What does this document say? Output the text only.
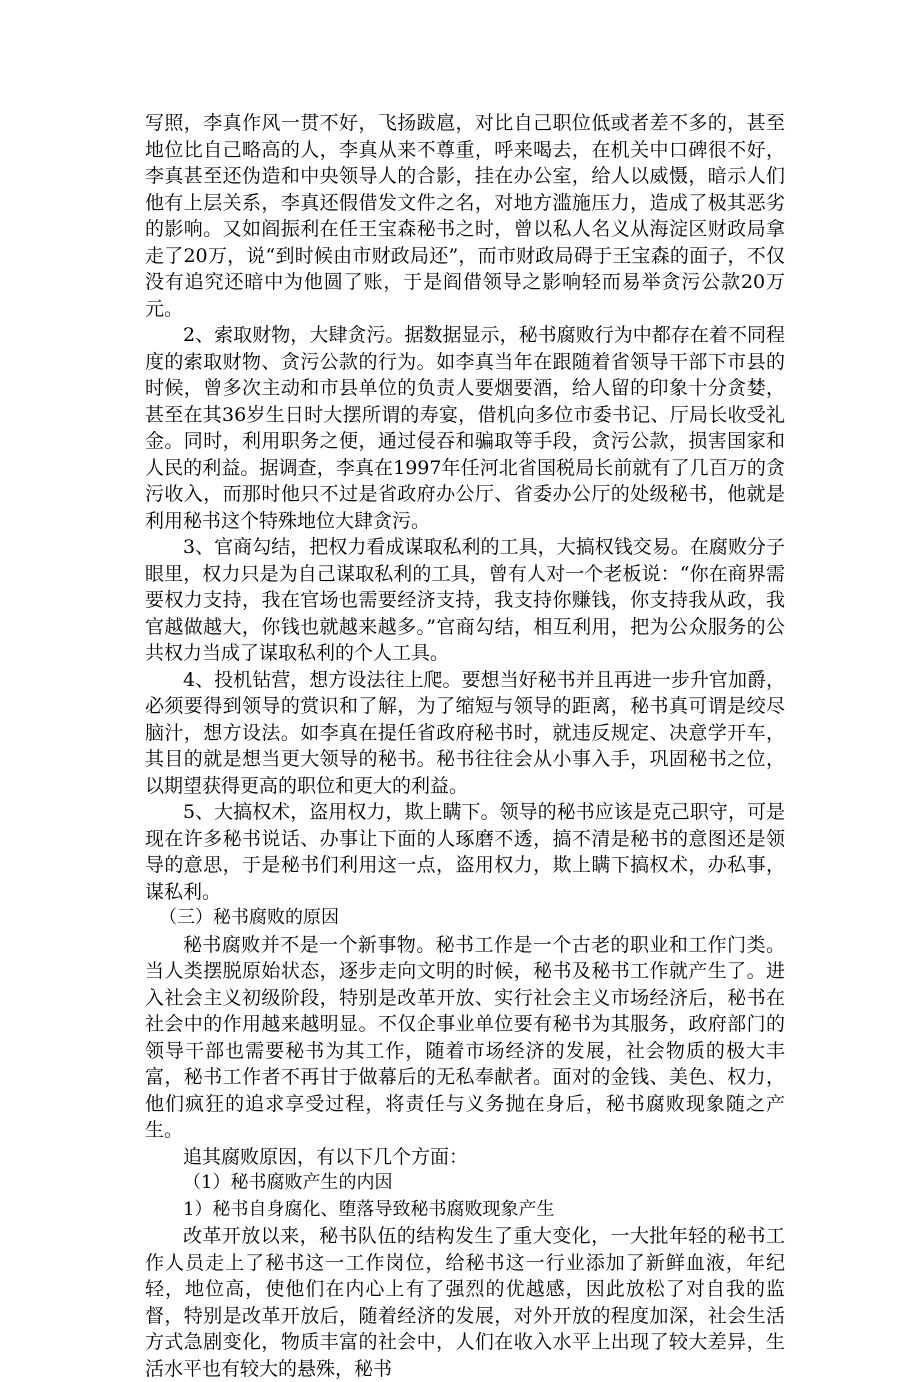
写照，李真作风一贯不好，飞扬跋扈，对比自己职位低或者差不多的，甚至地位比自己略高的人，李真从来不尊重，呼来喝去，在机关中口碑很不好，李真甚至还伪造和中央领导人的合影，挂在办公室，给人以威慑，暗示人们他有上层关系，李真还假借发文件之名，对地方滥施压力，造成了极其恶劣的影响。又如阎振利在任王宝森秘书之时，曾以私人名义从海淀区财政局拿走了20万，说“到时候由市财政局还”，而市财政局碍于王宝森的面子，不仅没有追究还暗中为他圆了账，于是阎借领导之影响轻而易举贪污公款20万元。

2、索取财物，大肆贪污。据数据显示，秘书腐败行为中都存在着不同程度的索取财物、贪污公款的行为。如李真当年在跟随着省领导干部下市县的时候，曾多次主动和市县单位的负责人要烟要酒，给人留的印象十分贪婪，甚至在其36岁生日时大摆所谓的寿宴，借机向多位市委书记、厅局长收受礼金。同时，利用职务之便，通过侵吞和骗取等手段，贪污公款，损害国家和人民的利益。据调查，李真在1997年任河北省国税局长前就有了几百万的贪污收入，而那时他只不过是省政府办公厅、省委办公厅的处级秘书，他就是利用秘书这个特殊地位大肆贪污。

3、官商勾结，把权力看成谋取私利的工具，大搞权钱交易。在腐败分子眼里，权力只是为自己谋取私利的工具，曾有人对一个老板说：“你在商界需要权力支持，我在官场也需要经济支持，我支持你赚钱，你支持我从政，我官越做越大，你钱也就越来越多。”官商勾结，相互利用，把为公众服务的公共权力当成了谋取私利的个人工具。

4、投机钻营，想方设法往上爬。要想当好秘书并且再进一步升官加爵，必须要得到领导的赏识和了解，为了缩短与领导的距离，秘书真可谓是绞尽脑汁，想方设法。如李真在提任省政府秘书时，就违反规定、决意学开车，其目的就是想当更大领导的秘书。秘书往往会从小事入手，巩固秘书之位，以期望获得更高的职位和更大的利益。

5、大搞权术，盗用权力，欺上瞒下。领导的秘书应该是克己职守，可是现在许多秘书说话、办事让下面的人琢磨不透，搞不清是秘书的意图还是领导的意思，于是秘书们利用这一点，盗用权力，欺上瞒下搞权术，办私事，谋私利。

（三）秘书腐败的原因

秘书腐败并不是一个新事物。秘书工作是一个古老的职业和工作门类。当人类摆脱原始状态，逐步走向文明的时候，秘书及秘书工作就产生了。进入社会主义初级阶段，特别是改革开放、实行社会主义市场经济后，秘书在社会中的作用越来越明显。不仅企事业单位要有秘书为其服务，政府部门的领导干部也需要秘书为其工作，随着市场经济的发展，社会物质的极大丰富，秘书工作者不再甘于做幕后的无私奉献者。面对的金钱、美色、权力，他们疯狂的追求享受过程，将责任与义务抛在身后，秘书腐败现象随之产生。

追其腐败原因，有以下几个方面：

（1）秘书腐败产生的内因

1）秘书自身腐化、堕落导致秘书腐败现象产生

改革开放以来，秘书队伍的结构发生了重大变化，一大批年轻的秘书工作人员走上了秘书这一工作岗位，给秘书这一行业添加了新鲜血液，年纪轻，地位高，使他们在内心上有了强烈的优越感，因此放松了对自我的监督，特别是改革开放后，随着经济的发展，对外开放的程度加深，社会生活方式急剧变化，物质丰富的社会中，人们在收入水平上出现了较大差异，生活水平也有较大的悬殊，秘书
